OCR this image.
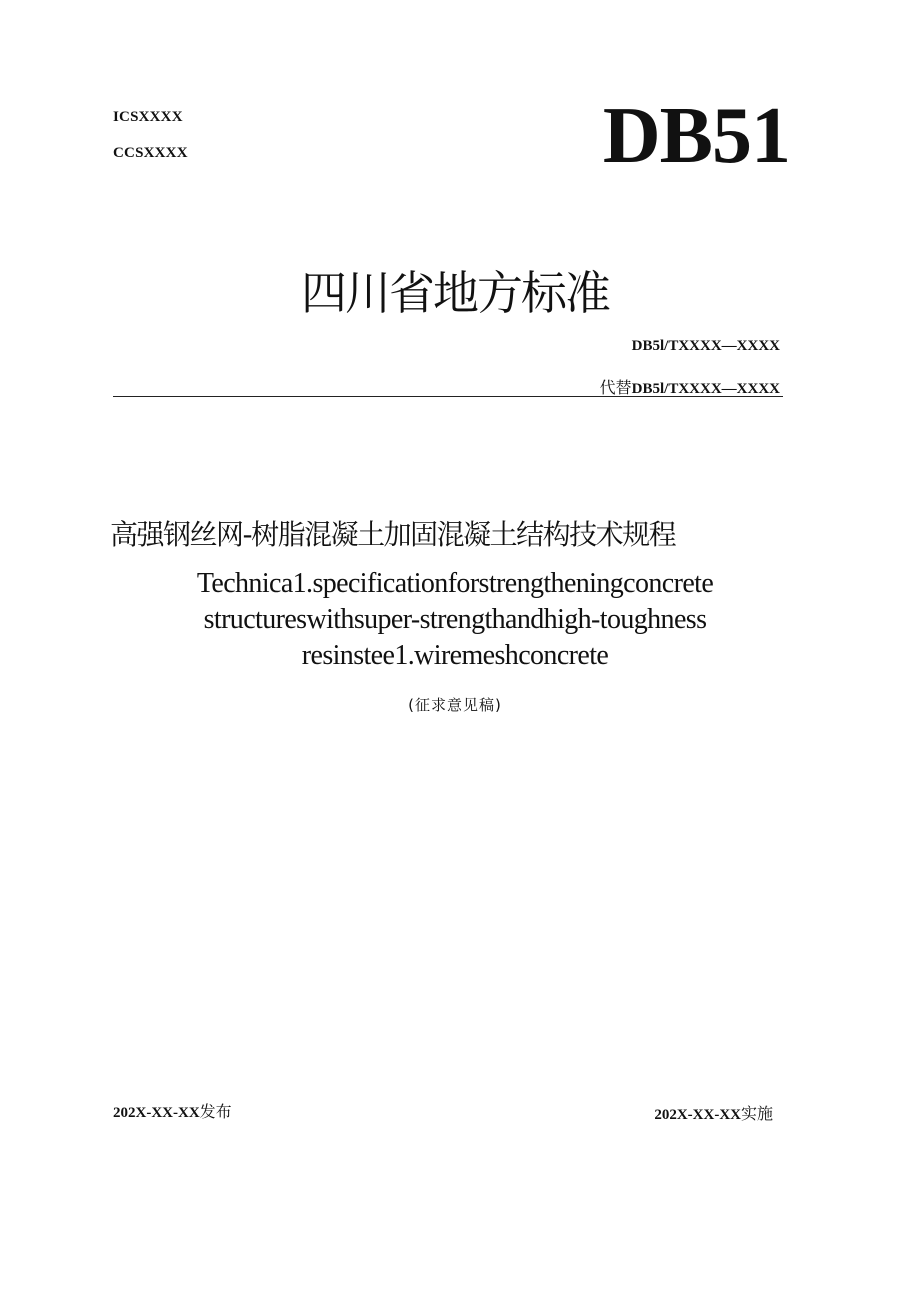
ICSXXXX
CCSXXXX	DB51
四川省地方标准
DB5l/TXXXX—XXXX
代替DB5l/TXXXX—XXXX
高强钢丝网-树脂混凝土加固混凝土结构技术规程
Technica1.specificationforstrengtheningconcrete
structureswithsuper-strengthandhigh-toughness
resinstee1.wiremeshconcrete
(征求意见稿)
202X-XX-XX发布	202X-XX-XX实施
